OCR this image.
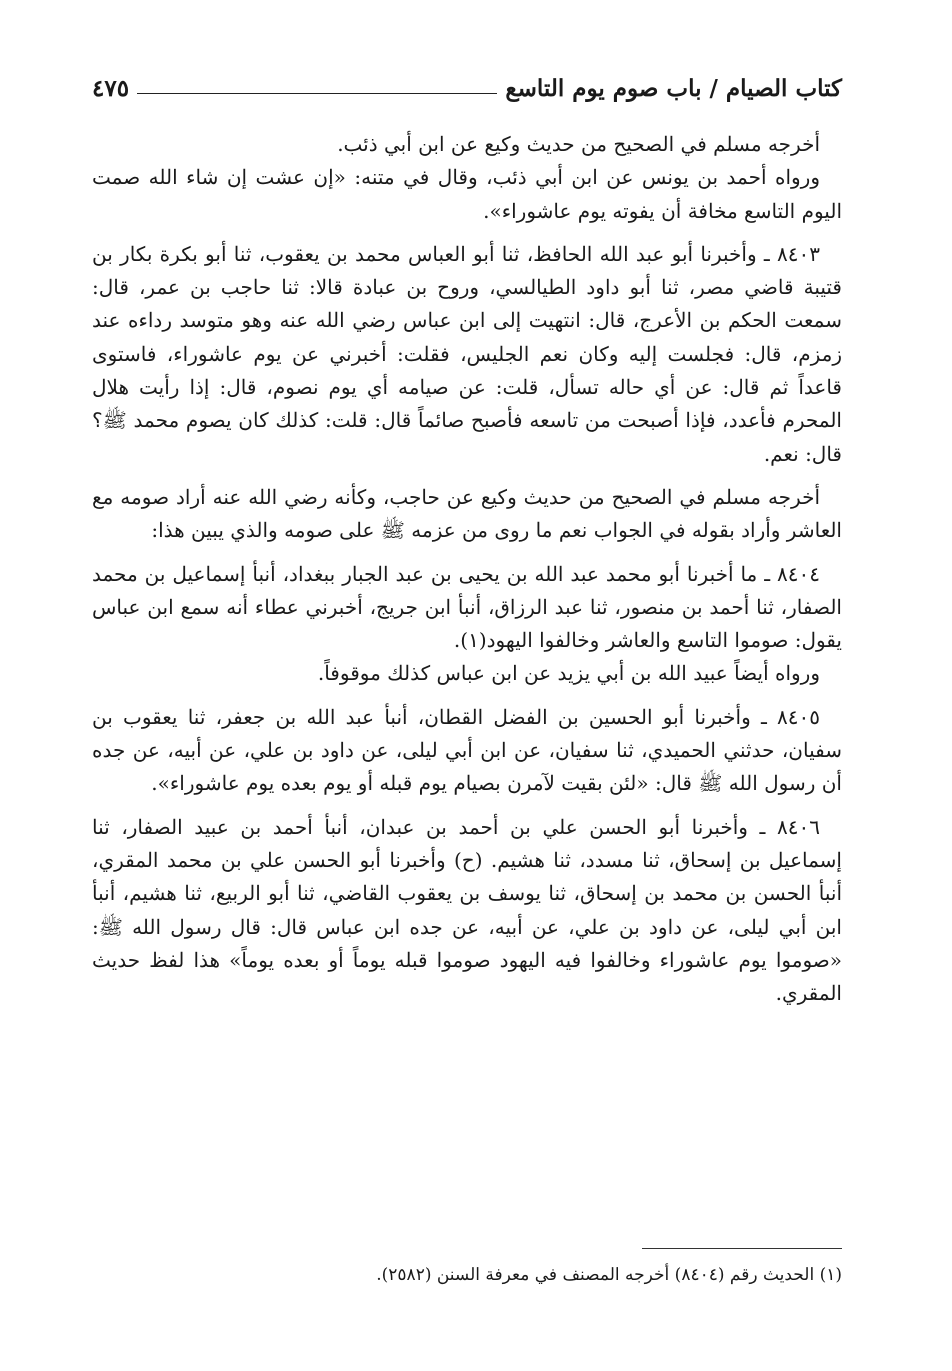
كتاب الصيام / باب صوم يوم التاسع
٤٧٥

أخرجه مسلم في الصحيح من حديث وكيع عن ابن أبي ذئب.

ورواه أحمد بن يونس عن ابن أبي ذئب، وقال في متنه: «إن عشت إن شاء الله صمت اليوم التاسع مخافة أن يفوته يوم عاشوراء».

٨٤٠٣ ـ وأخبرنا أبو عبد الله الحافظ، ثنا أبو العباس محمد بن يعقوب، ثنا أبو بكرة بكار بن قتيبة قاضي مصر، ثنا أبو داود الطيالسي، وروح بن عبادة قالا: ثنا حاجب بن عمر، قال: سمعت الحكم بن الأعرج، قال: انتهيت إلى ابن عباس رضي الله عنه وهو متوسد رداءه عند زمزم، قال: فجلست إليه وكان نعم الجليس، فقلت: أخبرني عن يوم عاشوراء، فاستوى قاعداً ثم قال: عن أي حاله تسأل، قلت: عن صيامه أي يوم نصوم، قال: إذا رأيت هلال المحرم فأعدد، فإذا أصبحت من تاسعه فأصبح صائماً قال: قلت: كذلك كان يصوم محمد ﷺ؟ قال: نعم.

أخرجه مسلم في الصحيح من حديث وكيع عن حاجب، وكأنه رضي الله عنه أراد صومه مع العاشر وأراد بقوله في الجواب نعم ما روى من عزمه ﷺ على صومه والذي يبين هذا:

٨٤٠٤ ـ ما أخبرنا أبو محمد عبد الله بن يحيى بن عبد الجبار ببغداد، أنبأ إسماعيل بن محمد الصفار، ثنا أحمد بن منصور، ثنا عبد الرزاق، أنبأ ابن جريج، أخبرني عطاء أنه سمع ابن عباس يقول: صوموا التاسع والعاشر وخالفوا اليهود(١).

ورواه أيضاً عبيد الله بن أبي يزيد عن ابن عباس كذلك موقوفاً.

٨٤٠٥ ـ وأخبرنا أبو الحسين بن الفضل القطان، أنبأ عبد الله بن جعفر، ثنا يعقوب بن سفيان، حدثني الحميدي، ثنا سفيان، عن ابن أبي ليلى، عن داود بن علي، عن أبيه، عن جده أن رسول الله ﷺ قال: «لئن بقيت لآمرن بصيام يوم قبله أو يوم بعده يوم عاشوراء».

٨٤٠٦ ـ وأخبرنا أبو الحسن علي بن أحمد بن عبدان، أنبأ أحمد بن عبيد الصفار، ثنا إسماعيل بن إسحاق، ثنا مسدد، ثنا هشيم. (ح) وأخبرنا أبو الحسن علي بن محمد المقري، أنبأ الحسن بن محمد بن إسحاق، ثنا يوسف بن يعقوب القاضي، ثنا أبو الربيع، ثنا هشيم، أنبأ ابن أبي ليلى، عن داود بن علي، عن أبيه، عن جده ابن عباس قال: قال رسول الله ﷺ: «صوموا يوم عاشوراء وخالفوا فيه اليهود صوموا قبله يوماً أو بعده يوماً» هذا لفظ حديث المقري.

(١) الحديث رقم (٨٤٠٤) أخرجه المصنف في معرفة السنن (٢٥٨٢).
